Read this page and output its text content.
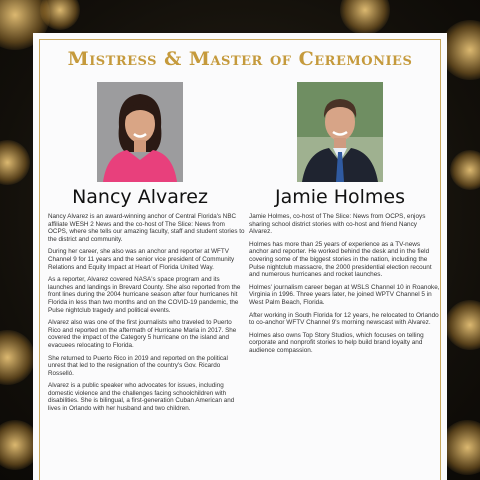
Mistress & Master of Ceremonies
Nancy Alvarez	Jamie Holmes

Nancy Alvarez is an award-winning anchor of Central Florida's NBC affiliate WESH 2 News and the co-host of The Slice: News from OCPS, where she tells our amazing faculty, staff and student stories to the district and community.

During her career, she also was an anchor and reporter at WFTV Channel 9 for 11 years and the senior vice president of Community Relations and Equity Impact at Heart of Florida United Way.

As a reporter, Alvarez covered NASA's space program and its launches and landings in Brevard County. She also reported from the front lines during the 2004 hurricane season after four hurricanes hit Florida in less than two months and on the COVID-19 pandemic, the Pulse nightclub tragedy and political events.

Alvarez also was one of the first journalists who traveled to Puerto Rico and reported on the aftermath of Hurricane Maria in 2017. She covered the impact of the Category 5 hurricane on the island and evacuees relocating to Florida.

She returned to Puerto Rico in 2019 and reported on the political unrest that led to the resignation of the country's Gov. Ricardo Rosselló.

Alvarez is a public speaker who advocates for issues, including domestic violence and the challenges facing schoolchildren with disabilities. She is bilingual, a first-generation Cuban American and lives in Orlando with her husband and two children.

Jamie Holmes, co-host of The Slice: News from OCPS, enjoys sharing school district stories with co-host and friend Nancy Alvarez.

Holmes has more than 25 years of experience as a TV-news anchor and reporter. He worked behind the desk and in the field covering some of the biggest stories in the nation, including the Pulse nightclub massacre, the 2000 presidential election recount and numerous hurricanes and rocket launches.

Holmes' journalism career began at WSLS Channel 10 in Roanoke, Virginia in 1996. Three years later, he joined WPTV Channel 5 in West Palm Beach, Florida.

After working in South Florida for 12 years, he relocated to Orlando to co-anchor WFTV Channel 9's morning newscast with Alvarez.

Holmes also owns Top Story Studios, which focuses on telling corporate and nonprofit stories to help build brand loyalty and audience compassion.
